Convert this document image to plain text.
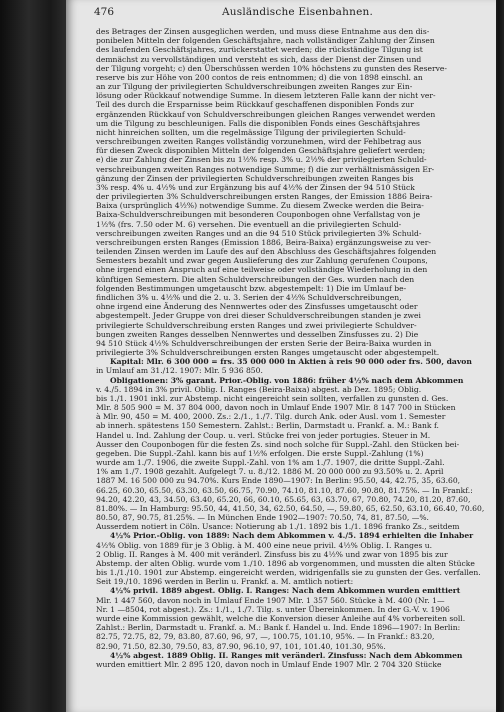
476	Ausländische Eisenbahnen.
des Betrages der Zinsen ausgeglichen werden, und muss diese Entnahme aus den dis-
ponibelen Mitteln der folgenden Geschäftsjahre, nach vollständiger Zahlung der Zinsen
des laufenden Geschäftsjahres, zurückerstattet werden; die rückständige Tilgung ist
demnächst zu vervollständigen und versteht es sich, dass der Dienst der Zinsen und
der Tilgung vorgeht; c) den Überschüssen werden 10% höchstens zu gunsten des Reserve-
reserve bis zur Höhe von 200 contos de reis entnommen; d) die von 1898 einschl. an
an zur Tilgung der privilegierten Schuldverschreibungen zweiten Ranges zur Ein-
lösung oder Rückkauf notwendige Summe. In diesem letzteren Falle kann der nicht ver-
Teil des durch die Ersparnisse beim Rückkauf geschaffenen disponiblen Fonds zur
ergänzenden Rückkauf von Schuldverschreibungen gleichen Ranges verwendet werden
um die Tilgung zu beschleunigen. Falls die disponiblen Fonds eines Geschäftsjahres
nicht hinreichen sollten, um die regelmässige Tilgung der privilegierten Schuld-
verschreibungen zweiten Ranges vollständig vorzunehmen, wird der Fehlbetrag aus
für diesen Zweck disponiblen Mitteln der folgenden Geschäftsjahre geliefert werden;
e) die zur Zahlung der Zinsen bis zu 1½% resp. 3% u. 2½% der privilegierten Schuld-
verschreibungen zweiten Ranges notwendige Summe; f) die zur verhältnismässigen Er-
gänzung der Zinsen der privilegierten Schuldverschreibungen zweiten Ranges bis
3% resp. 4% u. 4½% und zur Ergänzung bis auf 4½% der Zinsen der 94 510 Stück
der privilegierten 3% Schuldverschreibungen ersten Ranges, der Emission 1886 Beira-
Baixa (ursprünglich 4½%) notwendige Summe. Zu diesem Zwecke werden die Beira-
Baixa-Schuldverschreibungen mit besonderen Couponbogen ohne Verfallstag von je
1½% (frs. 7.50 oder M. 6) versehen. Die eventuell an die privilegierten Schuld-
verschreibungen zweiten Ranges und an die 94 510 Stück privilegierten 3% Schuld-
verschreibungen ersten Ranges (Emission 1886, Beira-Baixa) ergänzungsweise zu ver-
teilenden Zinsen werden im Laufe des auf den Abschluss des Geschäftsjahres folgenden
Semesters bezahlt und zwar gegen Auslieferung des zur Zahlung gerufenen Coupons,
ohne irgend einen Anspruch auf eine teilweise oder vollständige Wiederholung in den
künftigen Semestern. Die alten Schuldverschreibungen der Ges. wurden nach den
folgenden Bestimmungen umgetauscht bzw. abgestempelt: 1) Die im Umlauf be-
findlichen 3% u. 4½% und die 2. u. 3. Serien der 4½% Schuldverschreibungen,
ohne irgend eine Änderung des Nennwertes oder des Zinsfusses umgetauscht oder
abgestempelt. Jeder Gruppe von drei dieser Schuldverschreibungen standen je zwei
privilegierte Schuldverschreibung ersten Ranges und zwei privilegierte Schuldver-
bungen zweiten Ranges desselben Nennwertes und desselben Zinsfusses zu. 2) Die
94 510 Stück 4½% Schuldverschreibungen der ersten Serie der Beira-Baixa wurden in
privilegierte 3% Schuldverschreibungen ersten Ranges umgetauscht oder abgestempelt.
Kapital: Mlr. 6 300 000 = frs. 35 000 000 in Aktien à reis 90 000 oder frs. 500, davon
in Umlauf am 31./12. 1907: Mlr. 5 936 850.
Obligationen: 3% garant. Prior.-Oblig. von 1886: früher 4½% nach dem Abkommen
v. 4./5. 1894 in 3% privil. Oblig. I. Ranges (Beira-Baixa) abgest. ab Dez. 1895; Oblig.
bis 1./1. 1901 inkl. zur Abstemp. nicht eingereicht sein sollten, verfallen zu gunsten d. Ges.
Mlr. 8 505 900 = M. 37 804 000, davon noch in Umlauf Ende 1907 Mlr. 8 147 700 in Stücken
à Mlr. 90, 450 = M. 400, 2000. Zs.: 2./1., 1./7. Tilg. durch Ank. oder Ausl. vom 1. Semester
ab innerh. spätestens 150 Semestern. Zahlst.: Berlin, Darmstadt u. Frankf. a. M.: Bank f.
Handel u. Ind. Zahlung der Coup. u. verl. Stücke frei von jeder portugies. Steuer in M.
Ausser den Couponbogen für die festen Zs. sind noch solche für Suppl.-Zahl. den Stücken bei-
gegeben. Die Suppl.-Zahl. kann bis auf 1½% erfolgen. Die erste Suppl.-Zahlung (1%)
wurde am 1./7. 1906, die zweite Suppl.-Zahl. von 1% am 1./7. 1907, die dritte Suppl.-Zahl.
1% am 1./7. 1908 gezahlt. Aufgelegt 7. u. 8./12. 1886 M. 20 000 000 zu 93.50% u. 2. April
1887 M. 16 500 000 zu 94.70%. Kurs Ende 1890—1907: In Berlin: 95.50, 44, 42.75, 35, 63.60,
66.25, 60.30, 65.50, 63.30, 63.50, 66.75, 70.90, 74.10, 81.10, 87.60, 90.80, 81.75%. — In Frankf.:
94.20, 42.20, 43, 34.50, 63.40, 65.20, 66, 60.10, 65.65, 63, 63.70, 67, 70.80, 74.20, 81.20, 87.60,
81.80%. — In Hamburg: 95.50, 44, 41.50, 34, 62.50, 64.50, —, 59.80, 65, 62.50, 63.10, 66.40, 70.60,
80.50, 87, 90.75, 81.25%. — In München Ende 1902—1907: 70.50, 74, 81, 87.50, —%.
Ausserdem notiert in Cöln. Usance: Notierung ab 1./1. 1892 bis 1./1. 1896 franko Zs., seitdem
4½% Prior.-Oblig. von 1889: Nach dem Abkommen v. 4./5. 1894 erhielten die Inhaber
4½% Oblig. von 1889 für je 3 Oblig. à M. 400 eine neue privil. 4½% Oblig. I. Ranges u.
2 Oblig. II. Ranges à M. 400 mit veränderl. Zinsfuss bis zu 4½% und zwar von 1895 bis zur
Abstemp. der alten Oblig. wurde vom 1./10. 1896 ab vorgenommen, und mussten die alten Stücke
bis 1./1./10. 1901 zur Abstemp. eingereicht werden, widrigenfalls sie zu gunsten der Ges. verfallen.
Seit 19./10. 1896 werden in Berlin u. Frankf. a. M. amtlich notiert:
4½% privil. 1889 abgest. Oblig. I. Ranges: Nach dem Abkommen wurden emittiert
Mlr. 1 447 560, davon noch in Umlauf Ende 1907 Mlr. 1 357 560. Stücke à M. 400 (Nr. 1—
Nr. 1 —8504, rot abgest.). Zs.: 1./1., 1./7. Tilg. s. unter Übereinkommen. In der G.-V. v. 1906
wurde eine Kommission gewählt, welche die Konversion dieser Anleihe auf 4% vorbereiten soll.
Zahlst.: Berlin, Darmstadt u. Frankf. a. M.: Bank f. Handel u. Ind. Ende 1896—1907: In Berlin:
82.75, 72.75, 82, 79, 83.80, 87.60, 96, 97, —, 100.75, 101.10, 95%. — In Frankf.: 83.20,
82.90, 71.50, 82.30, 79.50, 83, 87.90, 96.10, 97, 101, 101.40, 101.30, 95%.
4½% abgest. 1889 Oblig. II. Ranges mit veränderl. Zinsfuss: Nach dem Abkommen
wurden emittiert Mlr. 2 895 120, davon noch in Umlauf Ende 1907 Mlr. 2 704 320 Stücke
